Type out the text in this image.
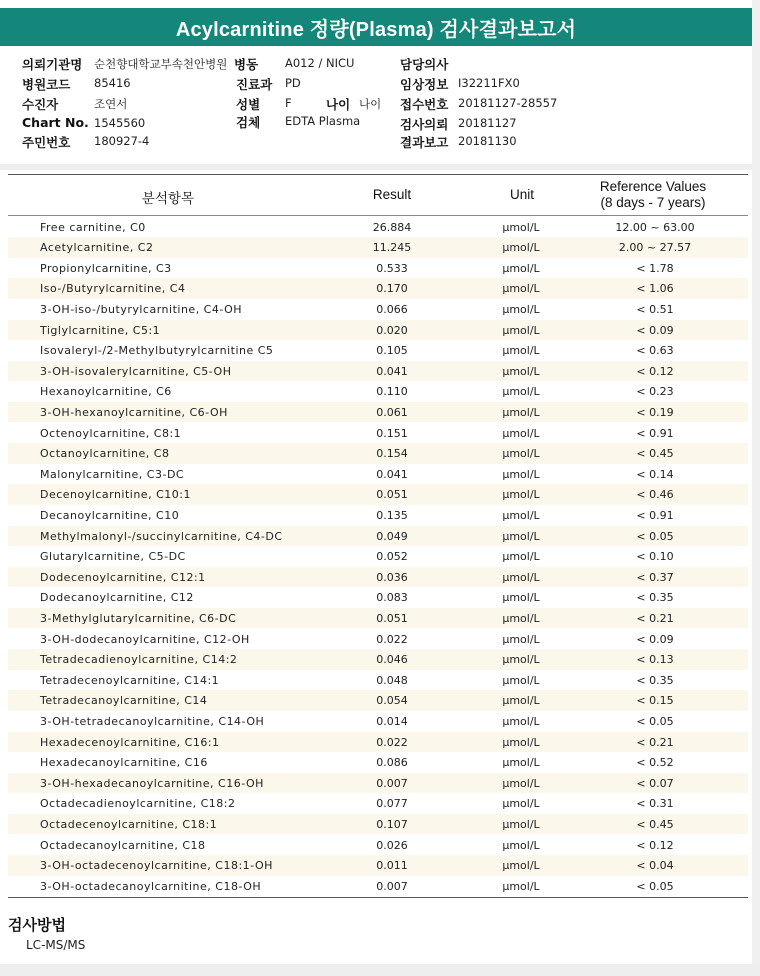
Acylcarnitine 정량(Plasma) 검사결과보고서
의뢰기관명 순천향대학교부속천안병원 병동 A012 / NICU	담당의사
병원코드 85416	진료과 PD	임상정보 I32211FX0
수진자	조연서	성별 F	나이 나이 접수번호 20181127-28557
Chart No. 1545560	검체 EDTA Plasma	검사의뢰 20181127
주민번호 180927-4	결과보고 20181130
분석항목	Result	Unit
Reference Values
(8 days - 7 years)
Free carnitine, C0	26.884	μmol/L	12.00 ~ 63.00
Acetylcarnitine, C2	11.245	μmol/L	2.00 ~ 27.57
Propionylcarnitine, C3	0.533	μmol/L	< 1.78
Iso-/Butyrylcarnitine, C4	0.170	μmol/L	< 1.06
3-OH-iso-/butyrylcarnitine, C4-OH	0.066	μmol/L	< 0.51
Tiglylcarnitine, C5:1	0.020	μmol/L	< 0.09
Isovaleryl-/2-Methylbutyrylcarnitine C5	0.105	μmol/L	< 0.63
3-OH-isovalerylcarnitine, C5-OH	0.041	μmol/L	< 0.12
Hexanoylcarnitine, C6	0.110	μmol/L	< 0.23
3-OH-hexanoylcarnitine, C6-OH	0.061	μmol/L	< 0.19
Octenoylcarnitine, C8:1	0.151	μmol/L	< 0.91
Octanoylcarnitine, C8	0.154	μmol/L	< 0.45
Malonylcarnitine, C3-DC	0.041	μmol/L	< 0.14
Decenoylcarnitine, C10:1	0.051	μmol/L	< 0.46
Decanoylcarnitine, C10	0.135	μmol/L	< 0.91
Methylmalonyl-/succinylcarnitine, C4-DC	0.049	μmol/L	< 0.05
Glutarylcarnitine, C5-DC	0.052	μmol/L	< 0.10
Dodecenoylcarnitine, C12:1	0.036	μmol/L	< 0.37
Dodecanoylcarnitine, C12	0.083	μmol/L	< 0.35
3-Methylglutarylcarnitine, C6-DC	0.051	μmol/L	< 0.21
3-OH-dodecanoylcarnitine, C12-OH	0.022	μmol/L	< 0.09
Tetradecadienoylcarnitine, C14:2	0.046	μmol/L	< 0.13
Tetradecenoylcarnitine, C14:1	0.048	μmol/L	< 0.35
Tetradecanoylcarnitine, C14	0.054	μmol/L	< 0.15
3-OH-tetradecanoylcarnitine, C14-OH	0.014	μmol/L	< 0.05
Hexadecenoylcarnitine, C16:1	0.022	μmol/L	< 0.21
Hexadecanoylcarnitine, C16	0.086	μmol/L	< 0.52
3-OH-hexadecanoylcarnitine, C16-OH	0.007	μmol/L	< 0.07
Octadecadienoylcarnitine, C18:2	0.077	μmol/L	< 0.31
Octadecenoylcarnitine, C18:1	0.107	μmol/L	< 0.45
Octadecanoylcarnitine, C18	0.026	μmol/L	< 0.12
3-OH-octadecenoylcarnitine, C18:1-OH	0.011	μmol/L	< 0.04
3-OH-octadecanoylcarnitine, C18-OH	0.007	μmol/L	< 0.05
검사방법
LC-MS/MS
